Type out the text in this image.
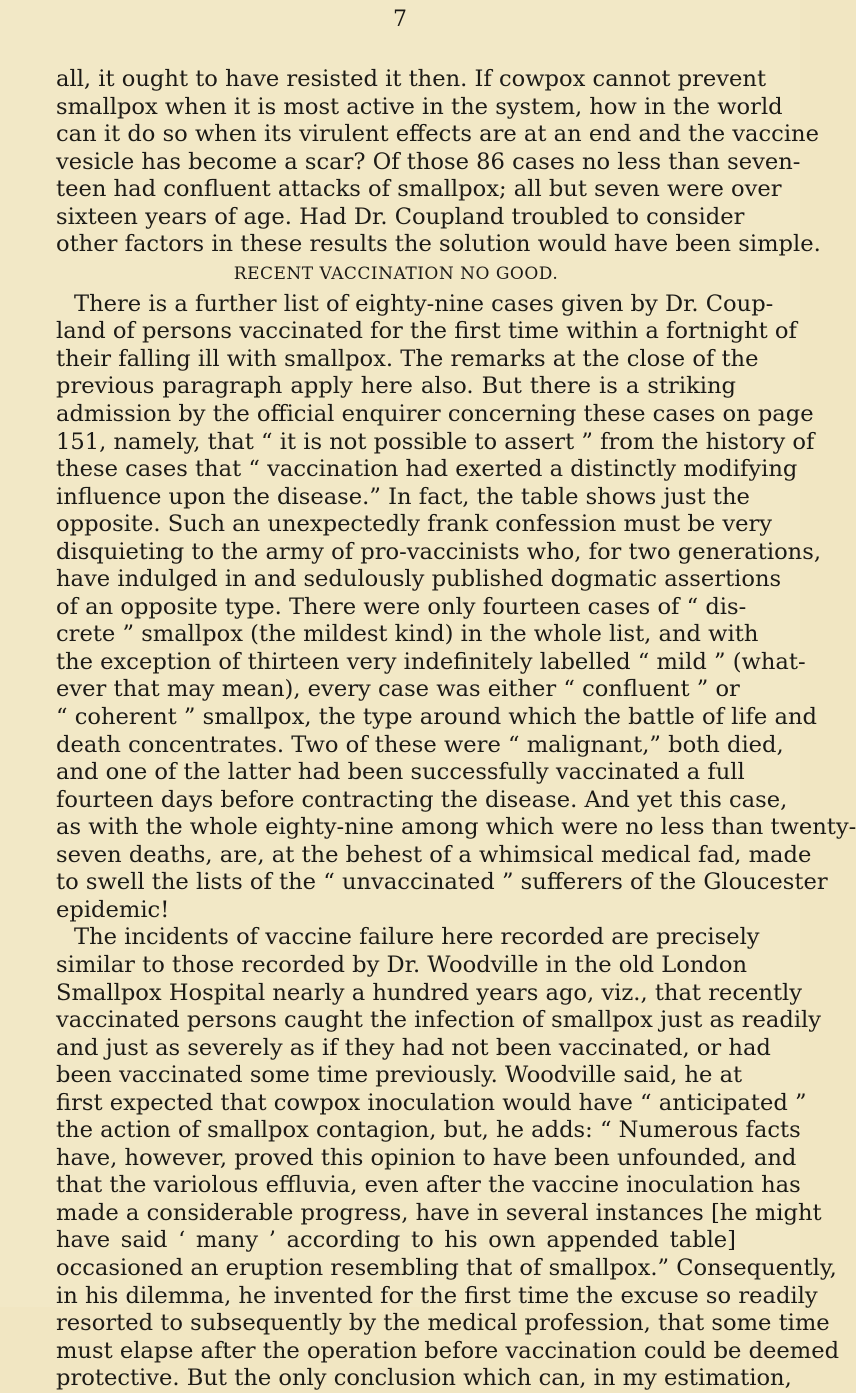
7
all, it ought to have resisted it then. If cowpox cannot prevent
smallpox when it is most active in the system, how in the world
can it do so when its virulent effects are at an end and the vaccine
vesicle has become a scar? Of those 86 cases no less than seven-
teen had confluent attacks of smallpox; all but seven were over
sixteen years of age. Had Dr. Coupland troubled to consider
other factors in these results the solution would have been simple.
RECENT VACCINATION NO GOOD.
There is a further list of eighty-nine cases given by Dr. Coup-
land of persons vaccinated for the first time within a fortnight of
their falling ill with smallpox. The remarks at the close of the
previous paragraph apply here also. But there is a striking
admission by the official enquirer concerning these cases on page
151, namely, that “ it is not possible to assert ” from the history of
these cases that “ vaccination had exerted a distinctly modifying
influence upon the disease.” In fact, the table shows just the
opposite. Such an unexpectedly frank confession must be very
disquieting to the army of pro-vaccinists who, for two generations,
have indulged in and sedulously published dogmatic assertions
of an opposite type. There were only fourteen cases of “ dis-
crete ” smallpox (the mildest kind) in the whole list, and with
the exception of thirteen very indefinitely labelled “ mild ” (what-
ever that may mean), every case was either “ confluent ” or
“ coherent ” smallpox, the type around which the battle of life and
death concentrates. Two of these were “ malignant,” both died,
and one of the latter had been successfully vaccinated a full
fourteen days before contracting the disease. And yet this case,
as with the whole eighty-nine among which were no less than twenty-
seven deaths, are, at the behest of a whimsical medical fad, made
to swell the lists of the “ unvaccinated ” sufferers of the Gloucester
epidemic!
The incidents of vaccine failure here recorded are precisely
similar to those recorded by Dr. Woodville in the old London
Smallpox Hospital nearly a hundred years ago, viz., that recently
vaccinated persons caught the infection of smallpox just as readily
and just as severely as if they had not been vaccinated, or had
been vaccinated some time previously. Woodville said, he at
first expected that cowpox inoculation would have “ anticipated ”
the action of smallpox contagion, but, he adds: “ Numerous facts
have, however, proved this opinion to have been unfounded, and
that the variolous effluvia, even after the vaccine inoculation has
made a considerable progress, have in several instances [he might
have said ‘ many ’ according to his own appended table]
occasioned an eruption resembling that of smallpox.” Consequently,
in his dilemma, he invented for the first time the excuse so readily
resorted to subsequently by the medical profession, that some time
must elapse after the operation before vaccination could be deemed
protective. But the only conclusion which can, in my estimation,
